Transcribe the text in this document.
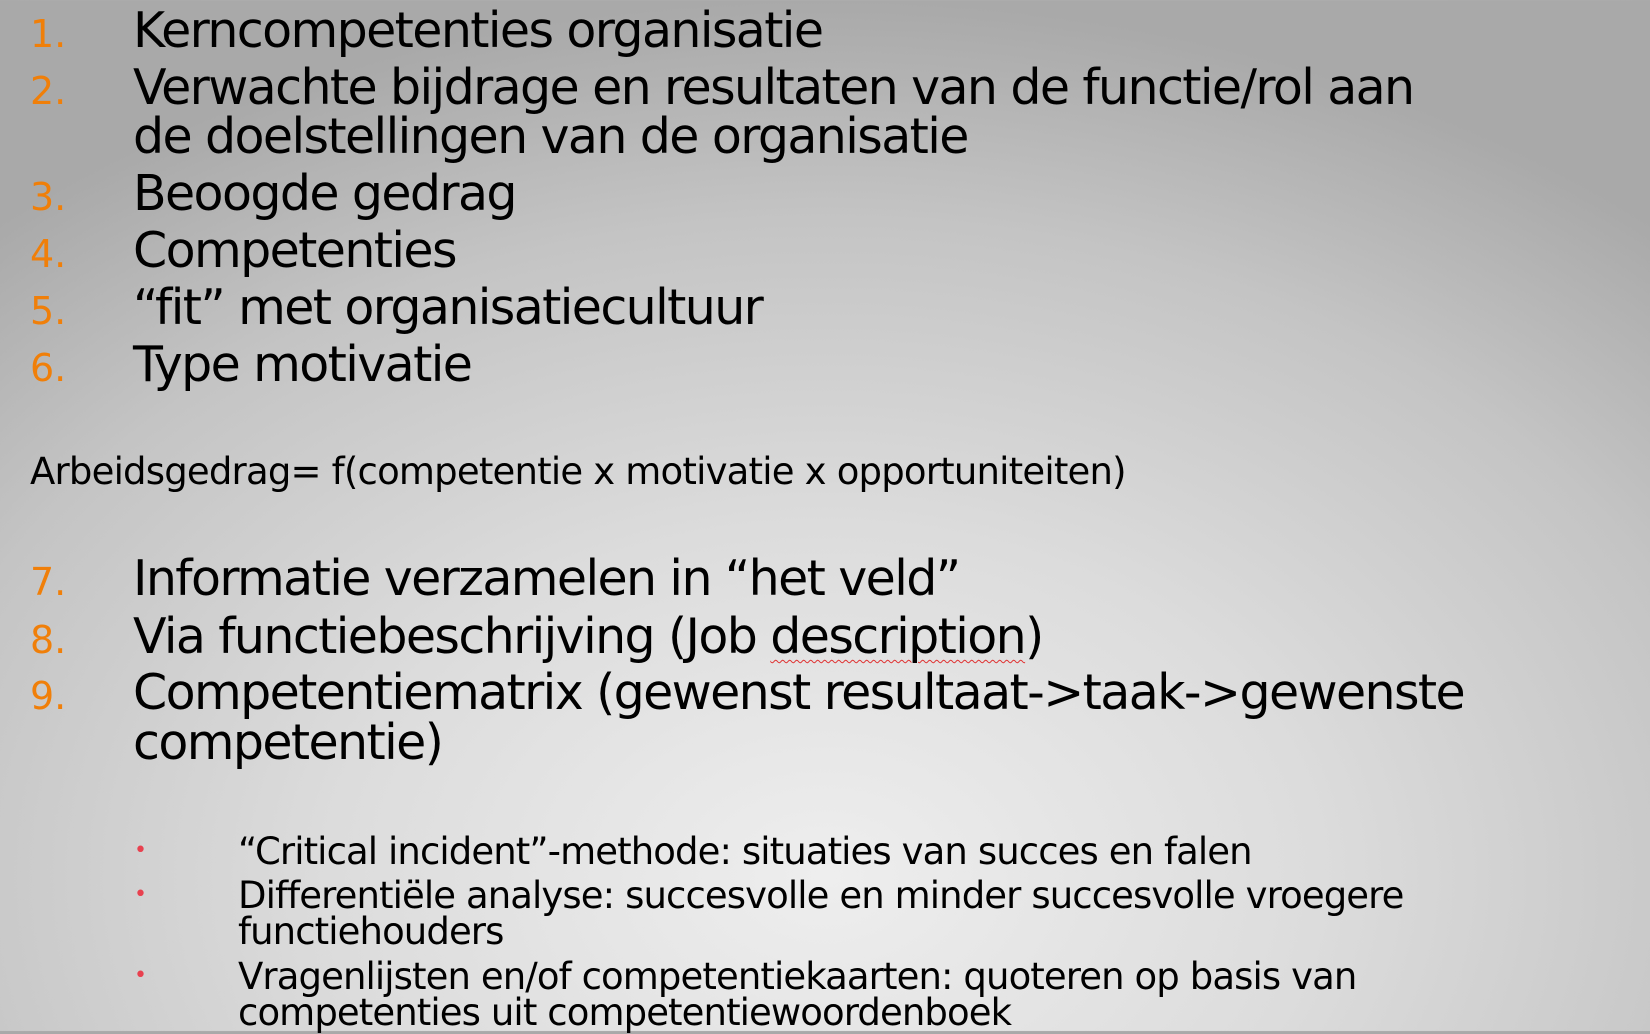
1. Kerncompetenties organisatie
2. Verwachte bijdrage en resultaten van de functie/rol aan
de doelstellingen van de organisatie
3. Beoogde gedrag
4. Competenties
5. “fit” met organisatiecultuur
6. Type motivatie
Arbeidsgedrag= f(competentie x motivatie x opportuniteiten)
7. Informatie verzamelen in “het veld”
8. Via functiebeschrijving (Job description)
9. Competentiematrix (gewenst resultaat->taak->gewenste
competentie)
• “Critical incident”-methode: situaties van succes en falen
• Differentiële analyse: succesvolle en minder succesvolle vroegere
functiehouders
• Vragenlijsten en/of competentiekaarten: quoteren op basis van
competenties uit competentiewoordenboek
